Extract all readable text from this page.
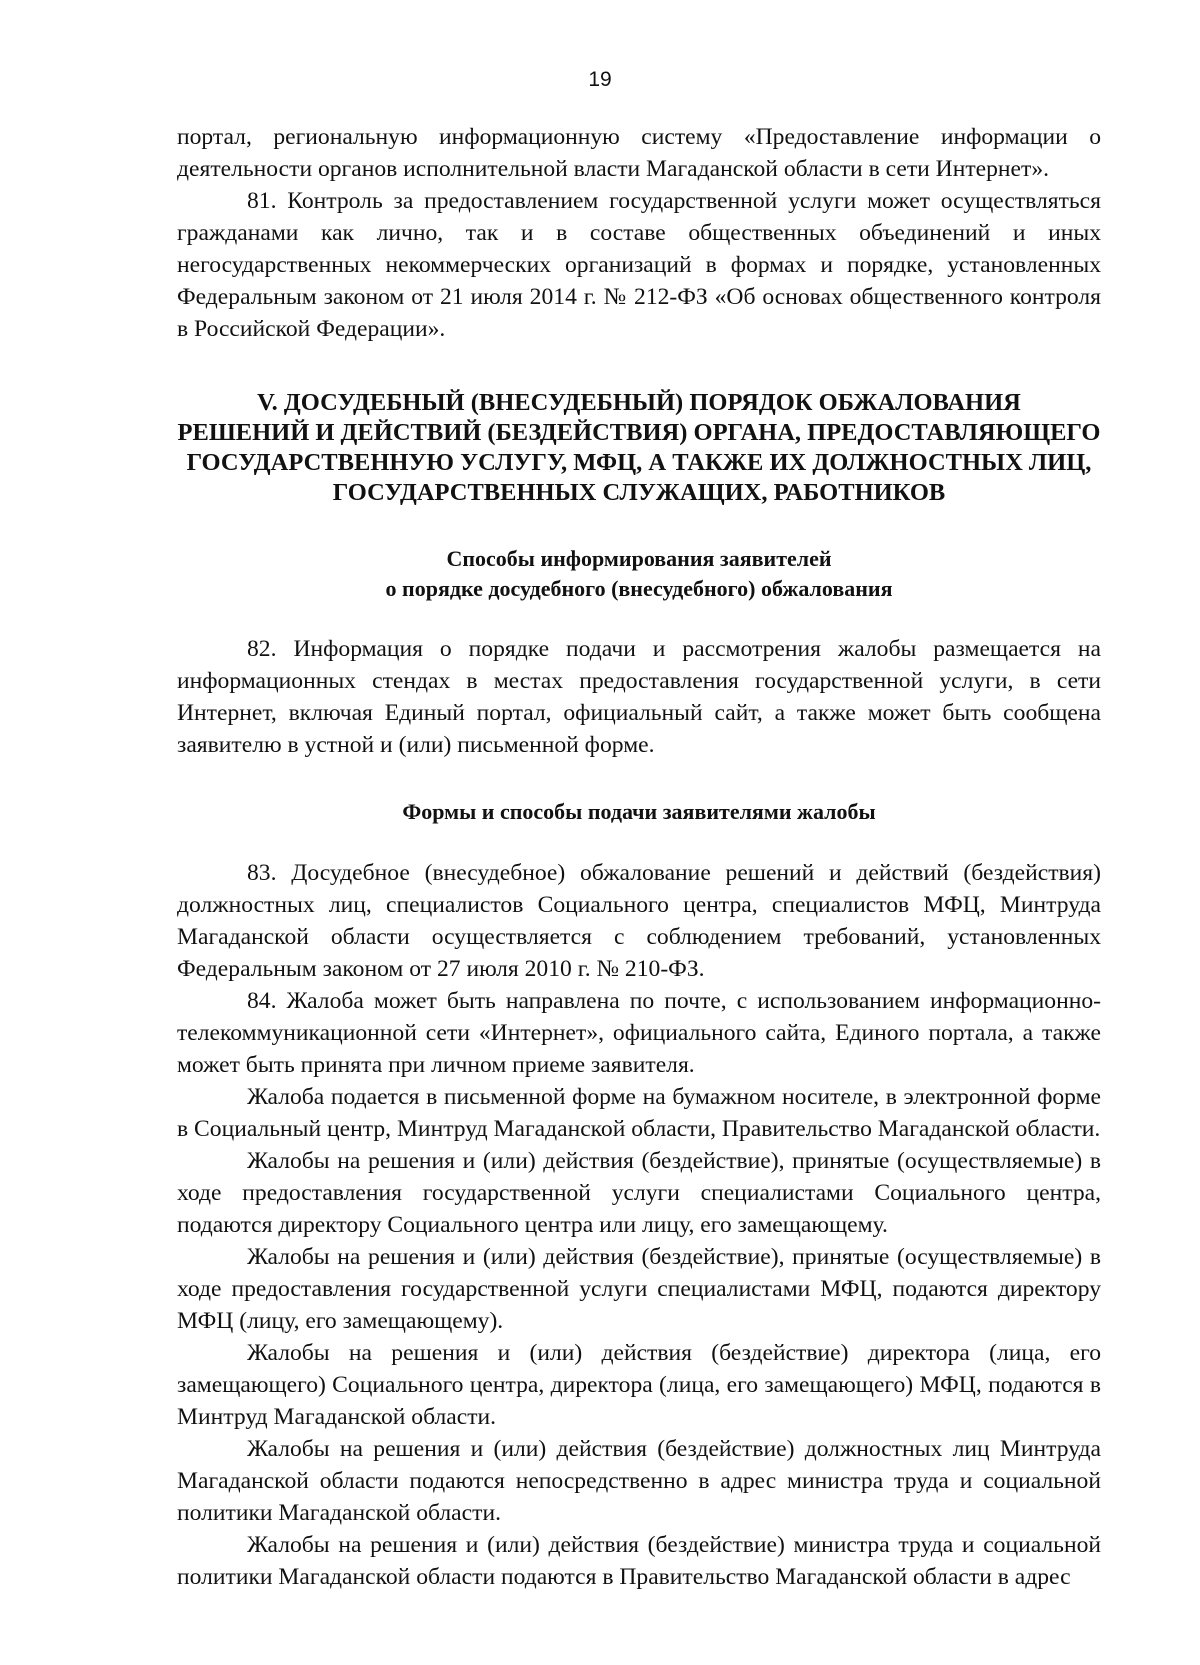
19

портал, региональную информационную систему «Предоставление информации о деятельности органов исполнительной власти Магаданской области в сети Интернет».

81. Контроль за предоставлением государственной услуги может осуществляться гражданами как лично, так и в составе общественных объединений и иных негосударственных некоммерческих организаций в формах и порядке, установленных Федеральным законом от 21 июля 2014 г. № 212-ФЗ «Об основах общественного контроля в Российской Федерации».

V. ДОСУДЕБНЫЙ (ВНЕСУДЕБНЫЙ) ПОРЯДОК ОБЖАЛОВАНИЯ
РЕШЕНИЙ И ДЕЙСТВИЙ (БЕЗДЕЙСТВИЯ) ОРГАНА, ПРЕДОСТАВЛЯЮЩЕГО
ГОСУДАРСТВЕННУЮ УСЛУГУ, МФЦ, А ТАКЖЕ ИХ ДОЛЖНОСТНЫХ ЛИЦ,
ГОСУДАРСТВЕННЫХ СЛУЖАЩИХ, РАБОТНИКОВ
Способы информирования заявителей
о порядке досудебного (внесудебного) обжалования

82. Информация о порядке подачи и рассмотрения жалобы размещается на информационных стендах в местах предоставления государственной услуги, в сети Интернет, включая Единый портал, официальный сайт, а также может быть сообщена заявителю в устной и (или) письменной форме.

Формы и способы подачи заявителями жалобы

83. Досудебное (внесудебное) обжалование решений и действий (бездействия) должностных лиц, специалистов Социального центра, специалистов МФЦ, Минтруда Магаданской области осуществляется с соблюдением требований, установленных Федеральным законом от 27 июля 2010 г. № 210-ФЗ.

84. Жалоба может быть направлена по почте, с использованием информационно-телекоммуникационной сети «Интернет», официального сайта, Единого портала, а также может быть принята при личном приеме заявителя.

Жалоба подается в письменной форме на бумажном носителе, в электронной форме в Социальный центр, Минтруд Магаданской области, Правительство Магаданской области.

Жалобы на решения и (или) действия (бездействие), принятые (осуществляемые) в ходе предоставления государственной услуги специалистами Социального центра, подаются директору Социального центра или лицу, его замещающему.

Жалобы на решения и (или) действия (бездействие), принятые (осуществляемые) в ходе предоставления государственной услуги специалистами МФЦ, подаются директору МФЦ (лицу, его замещающему).

Жалобы на решения и (или) действия (бездействие) директора (лица, его замещающего) Социального центра, директора (лица, его замещающего) МФЦ, подаются в Минтруд Магаданской области.

Жалобы на решения и (или) действия (бездействие) должностных лиц Минтруда Магаданской области подаются непосредственно в адрес министра труда и социальной политики Магаданской области.

Жалобы на решения и (или) действия (бездействие) министра труда и социальной политики Магаданской области подаются в Правительство Магаданской области в адрес
